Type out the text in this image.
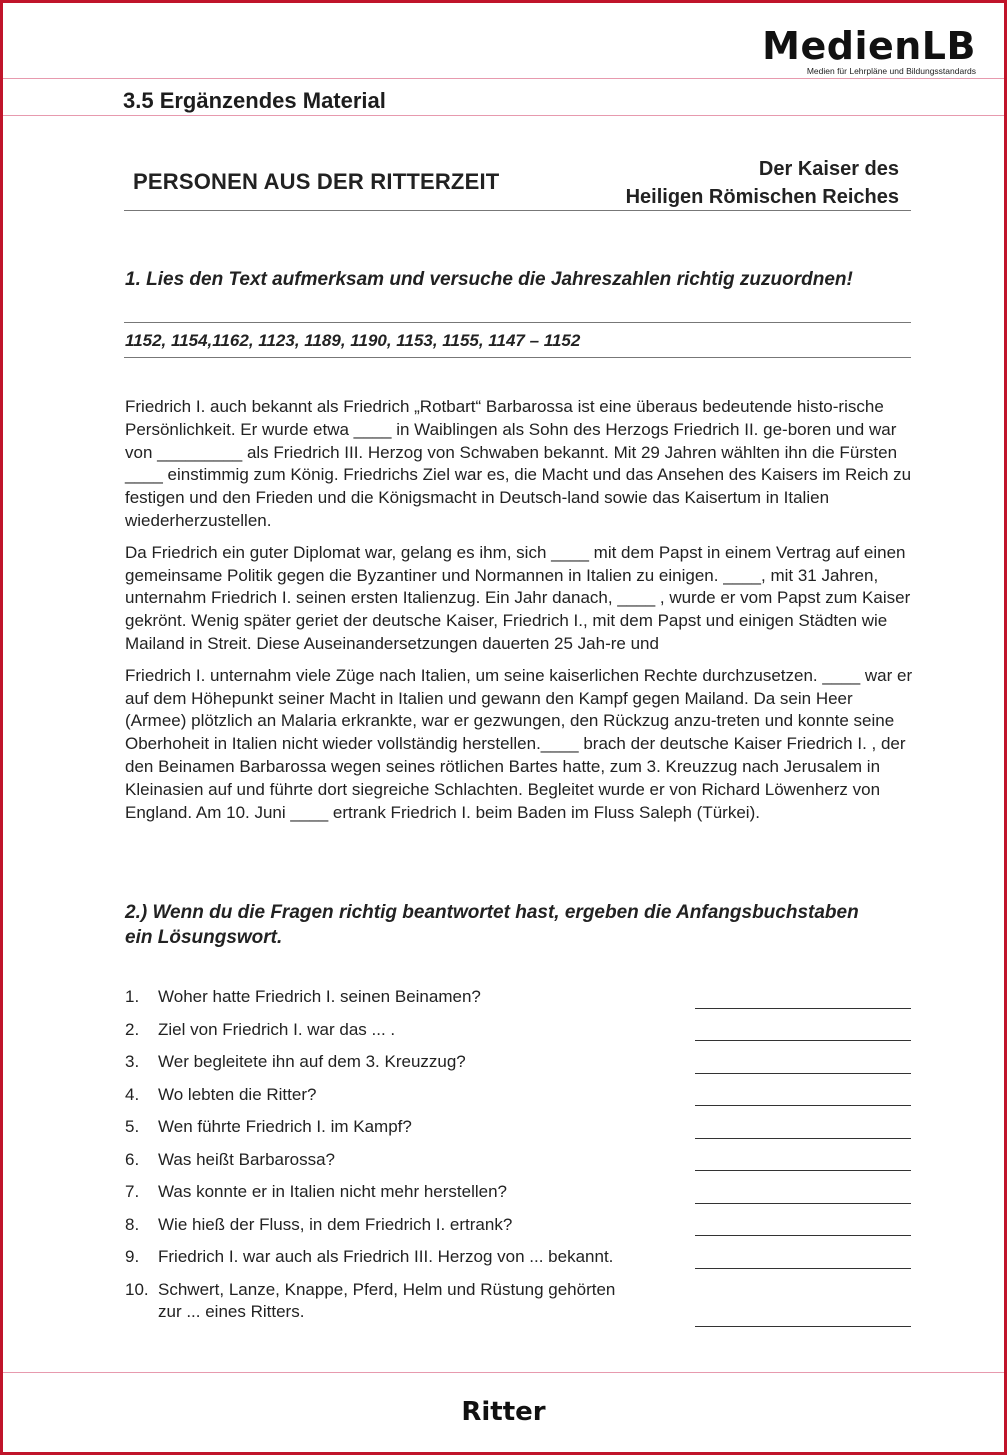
MedienLB
Medien für Lehrpläne und Bildungsstandards
3.5 Ergänzendes Material
PERSONEN AUS DER RITTERZEIT	Der Kaiser des
Heiligen Römischen Reiches
1. Lies den Text aufmerksam und versuche die Jahreszahlen richtig zuzuordnen!
1152, 1154,1162, 1123, 1189, 1190, 1153, 1155, 1147 – 1152

Friedrich I. auch bekannt als Friedrich „Rotbart“ Barbarossa ist eine überaus bedeutende histo-rische Persönlichkeit. Er wurde etwa ____ in Waiblingen als Sohn des Herzogs Friedrich II. ge-boren und war von _________ als Friedrich III. Herzog von Schwaben bekannt. Mit 29 Jahren wählten ihn die Fürsten ____ einstimmig zum König. Friedrichs Ziel war es, die Macht und das Ansehen des Kaisers im Reich zu festigen und den Frieden und die Königsmacht in Deutsch-land sowie das Kaisertum in Italien wiederherzustellen.

Da Friedrich ein guter Diplomat war, gelang es ihm, sich ____ mit dem Papst in einem Vertrag auf einen gemeinsame Politik gegen die Byzantiner und Normannen in Italien zu einigen. ____, mit 31 Jahren, unternahm Friedrich I. seinen ersten Italienzug. Ein Jahr danach, ____ , wurde er vom Papst zum Kaiser gekrönt. Wenig später geriet der deutsche Kaiser, Friedrich I., mit dem Papst und einigen Städten wie Mailand in Streit. Diese Auseinandersetzungen dauerten 25 Jah-re und

Friedrich I. unternahm viele Züge nach Italien, um seine kaiserlichen Rechte durchzusetzen. ____ war er auf dem Höhepunkt seiner Macht in Italien und gewann den Kampf gegen Mailand. Da sein Heer (Armee) plötzlich an Malaria erkrankte, war er gezwungen, den Rückzug anzu-treten und konnte seine Oberhoheit in Italien nicht wieder vollständig herstellen.____ brach der deutsche Kaiser Friedrich I. , der den Beinamen Barbarossa wegen seines rötlichen Bartes hatte, zum 3. Kreuzzug nach Jerusalem in Kleinasien auf und führte dort siegreiche Schlachten. Begleitet wurde er von Richard Löwenherz von England. Am 10. Juni ____ ertrank Friedrich I. beim Baden im Fluss Saleph (Türkei).

2.) Wenn du die Fragen richtig beantwortet hast, ergeben die Anfangsbuchstaben
ein Lösungswort.
1. Woher hatte Friedrich I. seinen Beinamen?
2. Ziel von Friedrich I. war das ... .
3. Wer begleitete ihn auf dem 3. Kreuzzug?
4. Wo lebten die Ritter?
5. Wen führte Friedrich I. im Kampf?
6. Was heißt Barbarossa?
7. Was konnte er in Italien nicht mehr herstellen?
8. Wie hieß der Fluss, in dem Friedrich I. ertrank?
9. Friedrich I. war auch als Friedrich III. Herzog von ... bekannt.
10. Schwert, Lanze, Knappe, Pferd, Helm und Rüstung gehörten
zur ... eines Ritters.
Ritter
